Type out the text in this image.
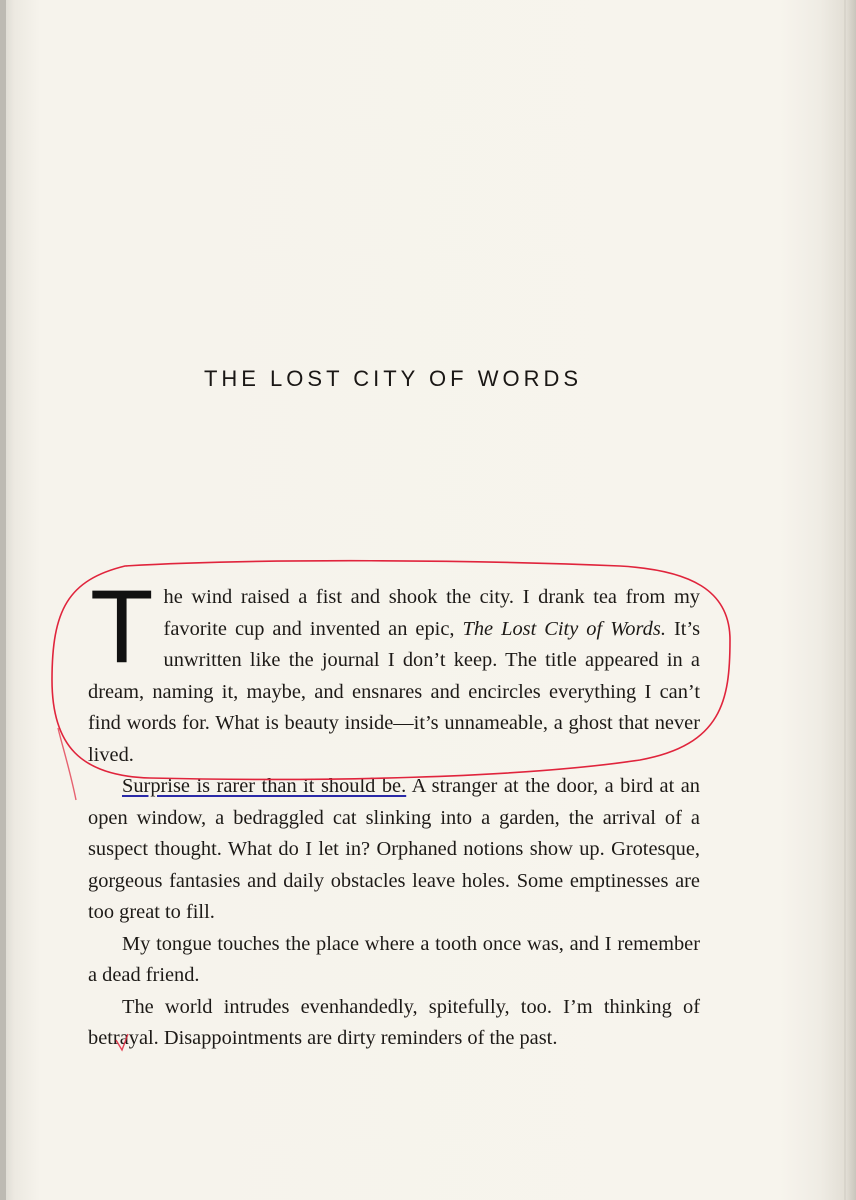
THE LOST CITY OF WORDS

The wind raised a fist and shook the city. I drank tea from my favorite cup and invented an epic, The Lost City of Words. It’s unwritten like the journal I don’t keep. The title appeared in a dream, naming it, maybe, and ensnares and encircles everything I can’t find words for. What is beauty inside—it’s unnameable, a ghost that never lived.

Surprise is rarer than it should be. A stranger at the door, a bird at an open window, a bedraggled cat slinking into a garden, the arrival of a suspect thought. What do I let in? Orphaned notions show up. Grotesque, gorgeous fantasies and daily obstacles leave holes. Some emptinesses are too great to fill.

My tongue touches the place where a tooth once was, and I remember a dead friend.

The world intrudes evenhandedly, spitefully, too. I’m thinking of betrayal. Disappointments are dirty reminders of the past.
